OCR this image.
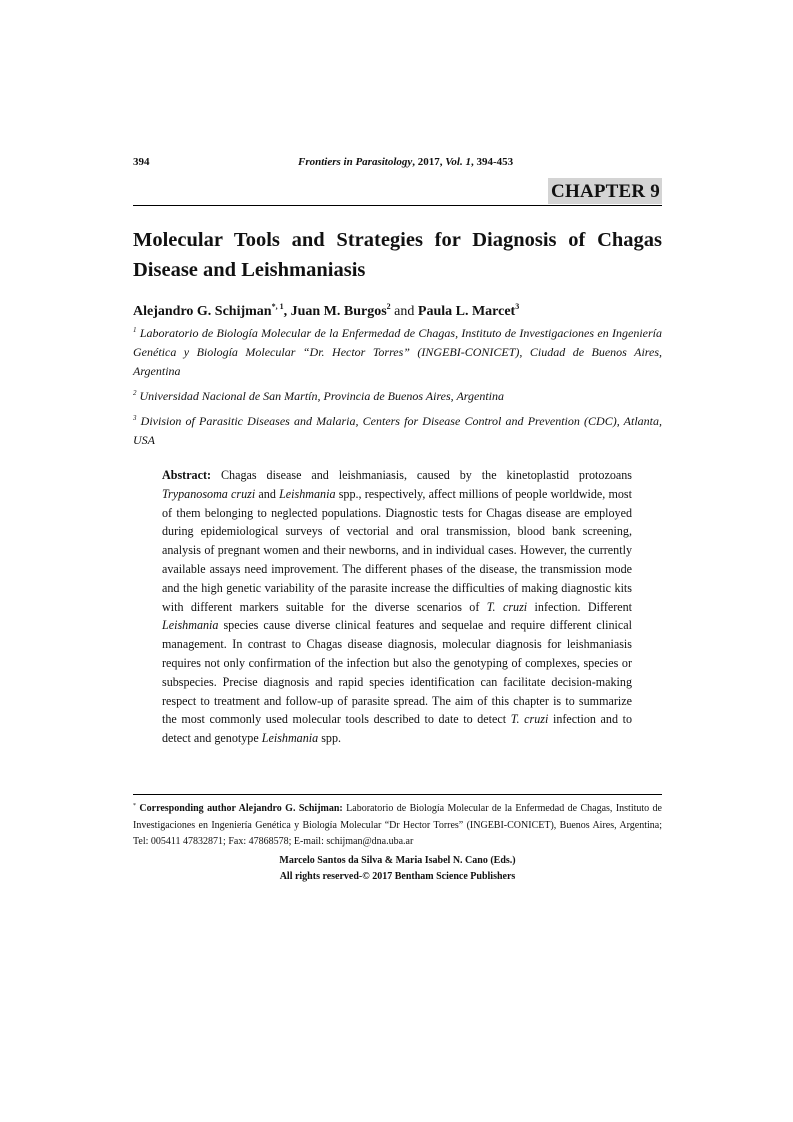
394	Frontiers in Parasitology, 2017, Vol. 1, 394-453
CHAPTER 9
Molecular Tools and Strategies for Diagnosis of Chagas Disease and Leishmaniasis
Alejandro G. Schijman$^{*, 1}$, Juan M. Burgos$^2$ and Paula L. Marcet$^3$

$^1$ Laboratorio de Biología Molecular de la Enfermedad de Chagas, Instituto de Investigaciones en Ingeniería Genética y Biología Molecular “Dr. Hector Torres” (INGEBI-CONICET), Ciudad de Buenos Aires, Argentina

$^2$ Universidad Nacional de San Martín, Provincia de Buenos Aires, Argentina

$^3$ Division of Parasitic Diseases and Malaria, Centers for Disease Control and Prevention (CDC), Atlanta, USA

Abstract: Chagas disease and leishmaniasis, caused by the kinetoplastid protozoans Trypanosoma cruzi and Leishmania spp., respectively, affect millions of people worldwide, most of them belonging to neglected populations. Diagnostic tests for Chagas disease are employed during epidemiological surveys of vectorial and oral transmission, blood bank screening, analysis of pregnant women and their newborns, and in individual cases. However, the currently available assays need improvement. The different phases of the disease, the transmission mode and the high genetic variability of the parasite increase the difficulties of making diagnostic kits with different markers suitable for the diverse scenarios of T. cruzi infection. Different Leishmania species cause diverse clinical features and sequelae and require different clinical management. In contrast to Chagas disease diagnosis, molecular diagnosis for leishmaniasis requires not only confirmation of the infection but also the genotyping of complexes, species or subspecies. Precise diagnosis and rapid species identification can facilitate decision-making respect to treatment and follow-up of parasite spread. The aim of this chapter is to summarize the most commonly used molecular tools described to date to detect T. cruzi infection and to detect and genotype Leishmania spp.

* Corresponding author Alejandro G. Schijman: Laboratorio de Biología Molecular de la Enfermedad de Chagas, Instituto de Investigaciones en Ingeniería Genética y Biología Molecular “Dr Hector Torres” (INGEBI-CONICET), Buenos Aires, Argentina; Tel: 005411 47832871; Fax: 47868578; E-mail: schijman@dna.uba.ar

Marcelo Santos da Silva & Maria Isabel N. Cano (Eds.)
All rights reserved-© 2017 Bentham Science Publishers
